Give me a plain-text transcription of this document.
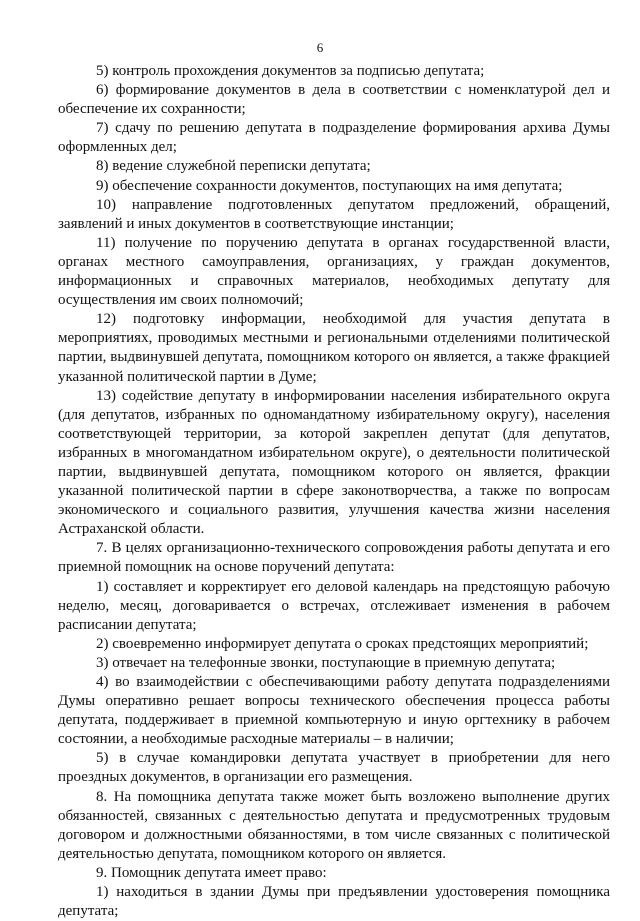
6

5) контроль прохождения документов за подписью депутата;

6) формирование документов в дела в соответствии с номенклатурой дел и обеспечение их сохранности;

7) сдачу по решению депутата в подразделение формирования архива Думы оформленных дел;

8) ведение служебной переписки депутата;

9) обеспечение сохранности документов, поступающих на имя депутата;

10) направление подготовленных депутатом предложений, обращений, заявлений и иных документов в соответствующие инстанции;

11) получение по поручению депутата в органах государственной власти, органах местного самоуправления, организациях, у граждан документов, информационных и справочных материалов, необходимых депутату для осуществления им своих полномочий;

12) подготовку информации, необходимой для участия депутата в мероприятиях, проводимых местными и региональными отделениями политической партии, выдвинувшей депутата, помощником которого он является, а также фракцией указанной политической партии в Думе;

13) содействие депутату в информировании населения избирательного округа (для депутатов, избранных по одномандатному избирательному округу), населения соответствующей территории, за которой закреплен депутат (для депутатов, избранных в многомандатном избирательном округе), о деятельности политической партии, выдвинувшей депутата, помощником которого он является, фракции указанной политической партии в сфере законотворчества, а также по вопросам экономического и социального развития, улучшения качества жизни населения Астраханской области.

7. В целях организационно-технического сопровождения работы депутата и его приемной помощник на основе поручений депутата:

1) составляет и корректирует его деловой календарь на предстоящую рабочую неделю, месяц, договаривается о встречах, отслеживает изменения в рабочем расписании депутата;

2) своевременно информирует депутата о сроках предстоящих мероприятий;

3) отвечает на телефонные звонки, поступающие в приемную депутата;

4) во взаимодействии с обеспечивающими работу депутата подразделениями Думы оперативно решает вопросы технического обеспечения процесса работы депутата, поддерживает в приемной компьютерную и иную оргтехнику в рабочем состоянии, а необходимые расходные материалы – в наличии;

5) в случае командировки депутата участвует в приобретении для него проездных документов, в организации его размещения.

8. На помощника депутата также может быть возложено выполнение других обязанностей, связанных с деятельностью депутата и предусмотренных трудовым договором и должностными обязанностями, в том числе связанных с политической деятельностью депутата, помощником которого он является.

9. Помощник депутата имеет право:

1) находиться в здании Думы при предъявлении удостоверения помощника депутата;
